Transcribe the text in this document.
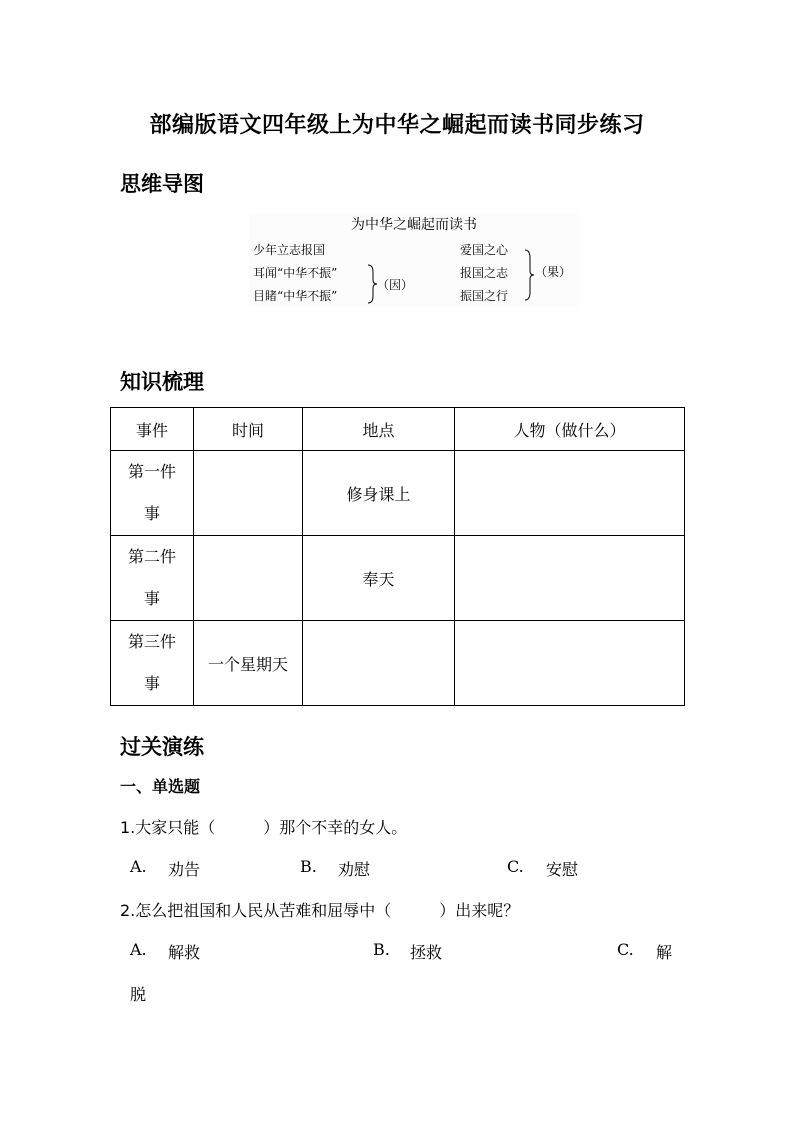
部编版语文四年级上为中华之崛起而读书同步练习
思维导图
为中华之崛起而读书
少年立志报国
耳闻“中华不振”
目睹“中华不振”
（因）
爱国之心
报国之志
振国之行
（果）
知识梳理
事件	时间	地点	人物（做什么）
第一件
事		修身课上	
第二件
事		奉天	
第三件
事	一个星期天		
过关演练
一、单选题
1.大家只能（　　　）那个不幸的女人。
A. 劝告	B. 劝慰	C. 安慰
2.怎么把祖国和人民从苦难和屈辱中（　　　）出来呢？
A. 解救	B. 拯救	C. 解
脱
